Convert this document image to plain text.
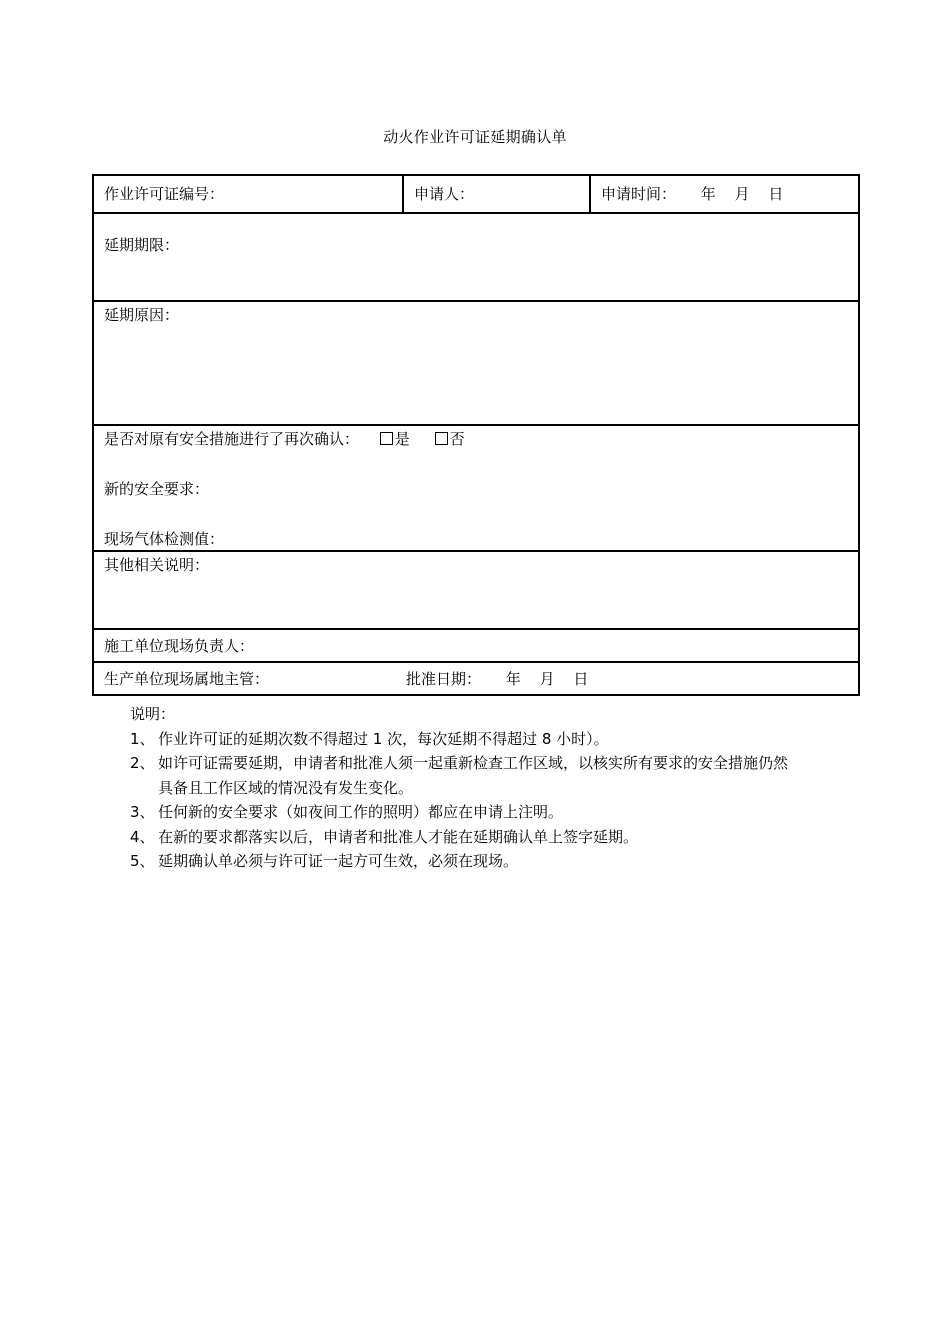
动火作业许可证延期确认单
作业许可证编号：	申请人：	申请时间： 年 月 日
延期期限：
延期原因：

是否对原有安全措施进行了再次确认： 是	否
新的安全要求：
现场气体检测值：

其他相关说明：
施工单位现场负责人：
生产单位现场属地主管：	批准日期： 年 月 日
说明：
1、 作业许可证的延期次数不得超过 1 次，每次延期不得超过 8 小时）。
2、 如许可证需要延期，申请者和批准人须一起重新检查工作区域，以核实所有要求的安全措施仍然具备且工作区域的情况没有发生变化。
3、 任何新的安全要求（如夜间工作的照明）都应在申请上注明。
4、 在新的要求都落实以后，申请者和批准人才能在延期确认单上签字延期。
5、 延期确认单必须与许可证一起方可生效，必须在现场。
